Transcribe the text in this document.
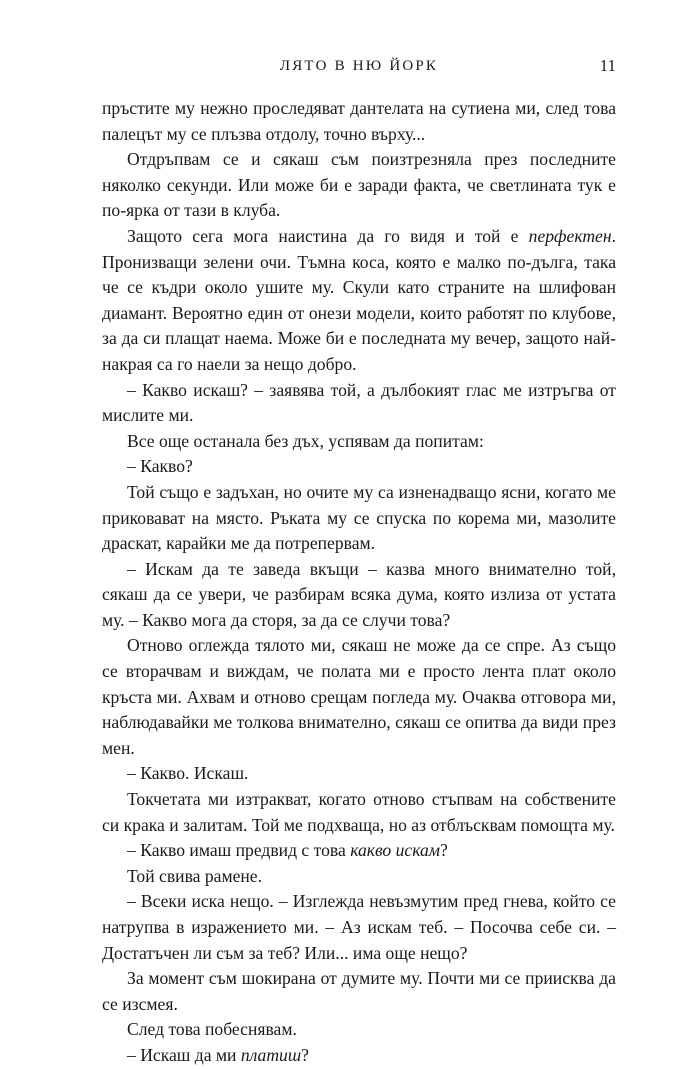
ЛЯТО В НЮ ЙОРК	11

пръстите му нежно проследяват дантелата на сутиена ми, след това палецът му се плъзва отдолу, точно върху...

Отдръпвам се и сякаш съм поизтрезняла през последните няколко секунди. Или може би е заради факта, че светлината тук е по-ярка от тази в клуба.

Защото сега мога наистина да го видя и той е перфектен. Пронизващи зелени очи. Тъмна коса, която е малко по-дълга, така че се къдри около ушите му. Скули като страните на шлифован диамант. Вероятно един от онези модели, които работят по клубове, за да си плащат наема. Може би е последната му вечер, защото най-накрая са го наели за нещо добро.

– Какво искаш? – заявява той, а дълбокият глас ме изтръгва от мислите ми.

Все още останала без дъх, успявам да попитам:

– Какво?

Той също е задъхан, но очите му са изненадващо ясни, когато ме приковават на място. Ръката му се спуска по корема ми, мазолите драскат, карайки ме да потрепервам.

– Искам да те заведа вкъщи – казва много внимателно той, сякаш да се увери, че разбирам всяка дума, която излиза от устата му. – Какво мога да сторя, за да се случи това?

Отново оглежда тялото ми, сякаш не може да се спре. Аз също се вторачвам и виждам, че полата ми е просто лента плат около кръста ми. Ахвам и отново срещам погледа му. Очаква отговора ми, наблюдавайки ме толкова внимателно, сякаш се опитва да види през мен.

– Какво. Искаш.

Токчетата ми изтракват, когато отново стъпвам на собствените си крака и залитам. Той ме подхваща, но аз отблъсквам помощта му.

– Какво имаш предвид с това какво искам?

Той свива рамене.

– Всеки иска нещо. – Изглежда невъзмутим пред гнева, който се натрупва в изражението ми. – Аз искам теб. – Посочва себе си. – Достатъчен ли съм за теб? Или... има още нещо?

За момент съм шокирана от думите му. Почти ми се приисква да се изсмея.

След това побеснявам.

– Искаш да ми платиш?
